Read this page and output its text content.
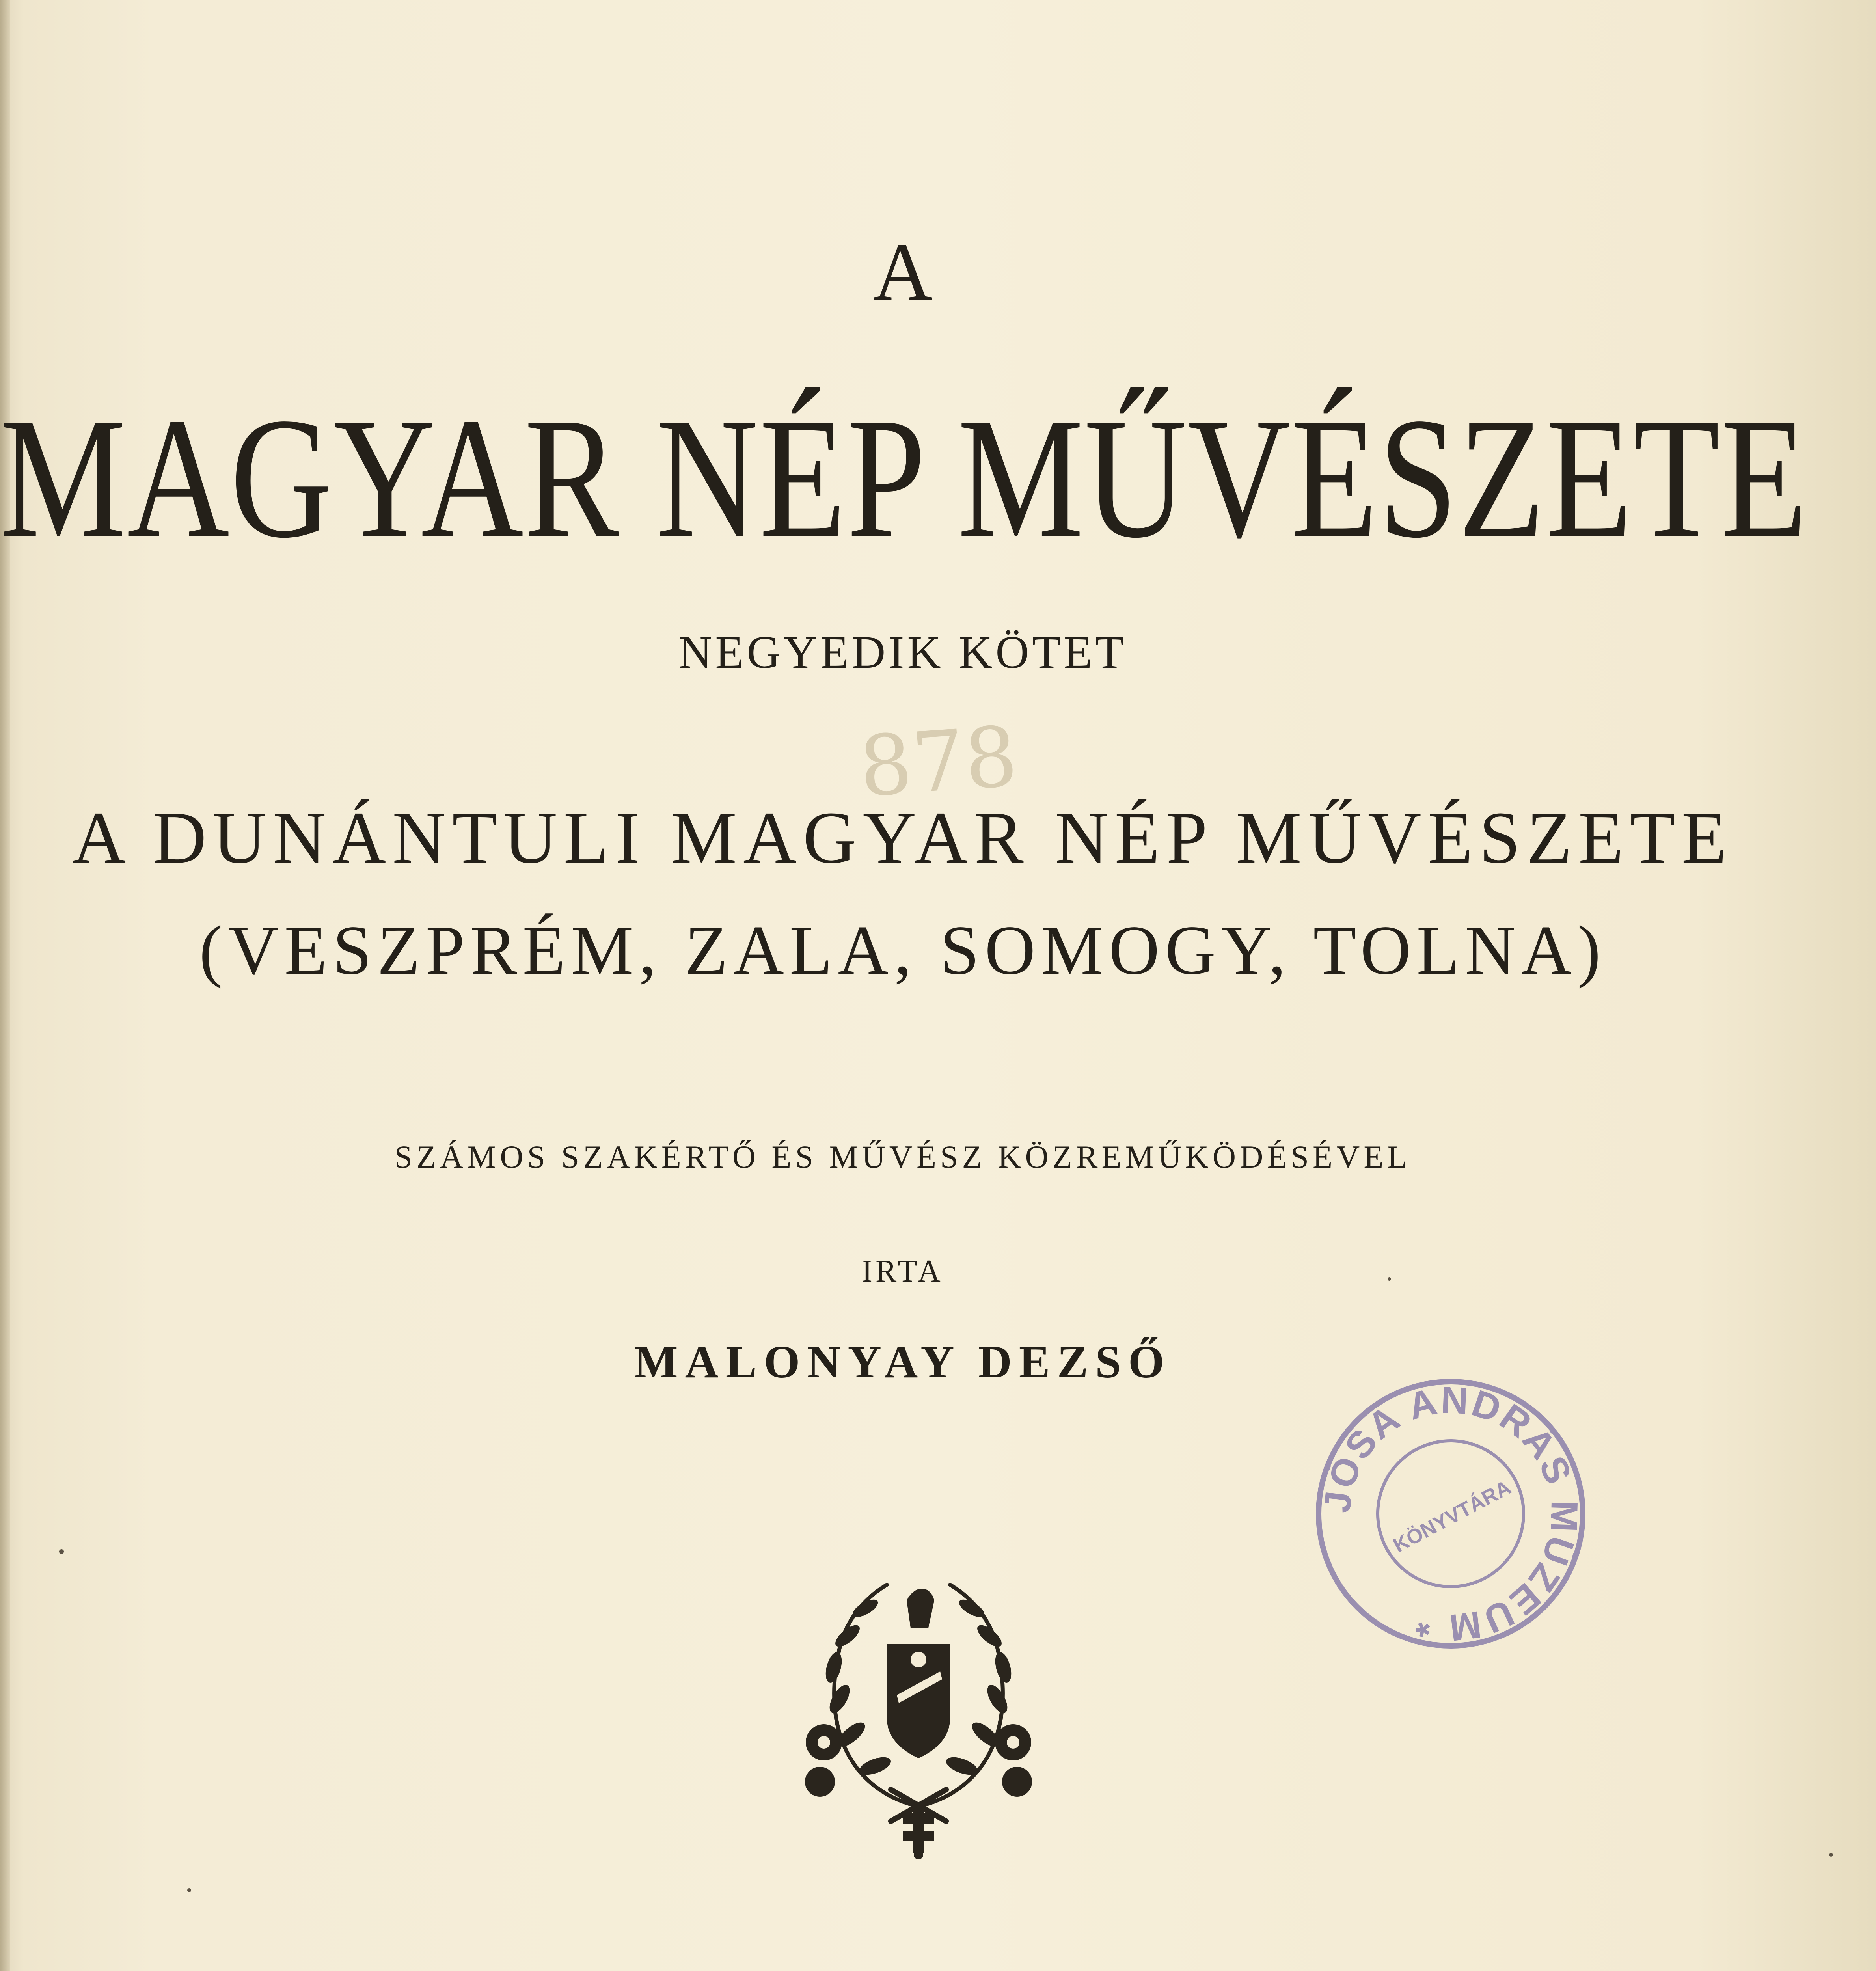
878
A
MAGYAR NÉP MŰVÉSZETE
NEGYEDIK KÖTET
A DUNÁNTULI MAGYAR NÉP MŰVÉSZETE
(VESZPRÉM, ZALA, SOMOGY, TOLNA)
SZÁMOS SZAKÉRTŐ ÉS MŰVÉSZ KÖZREMŰKÖDÉSÉVEL
IRTA
MALONYAY DEZSŐ
JÓSA ANDRÁS MÚZEUM *
KÖNYVTÁRA
